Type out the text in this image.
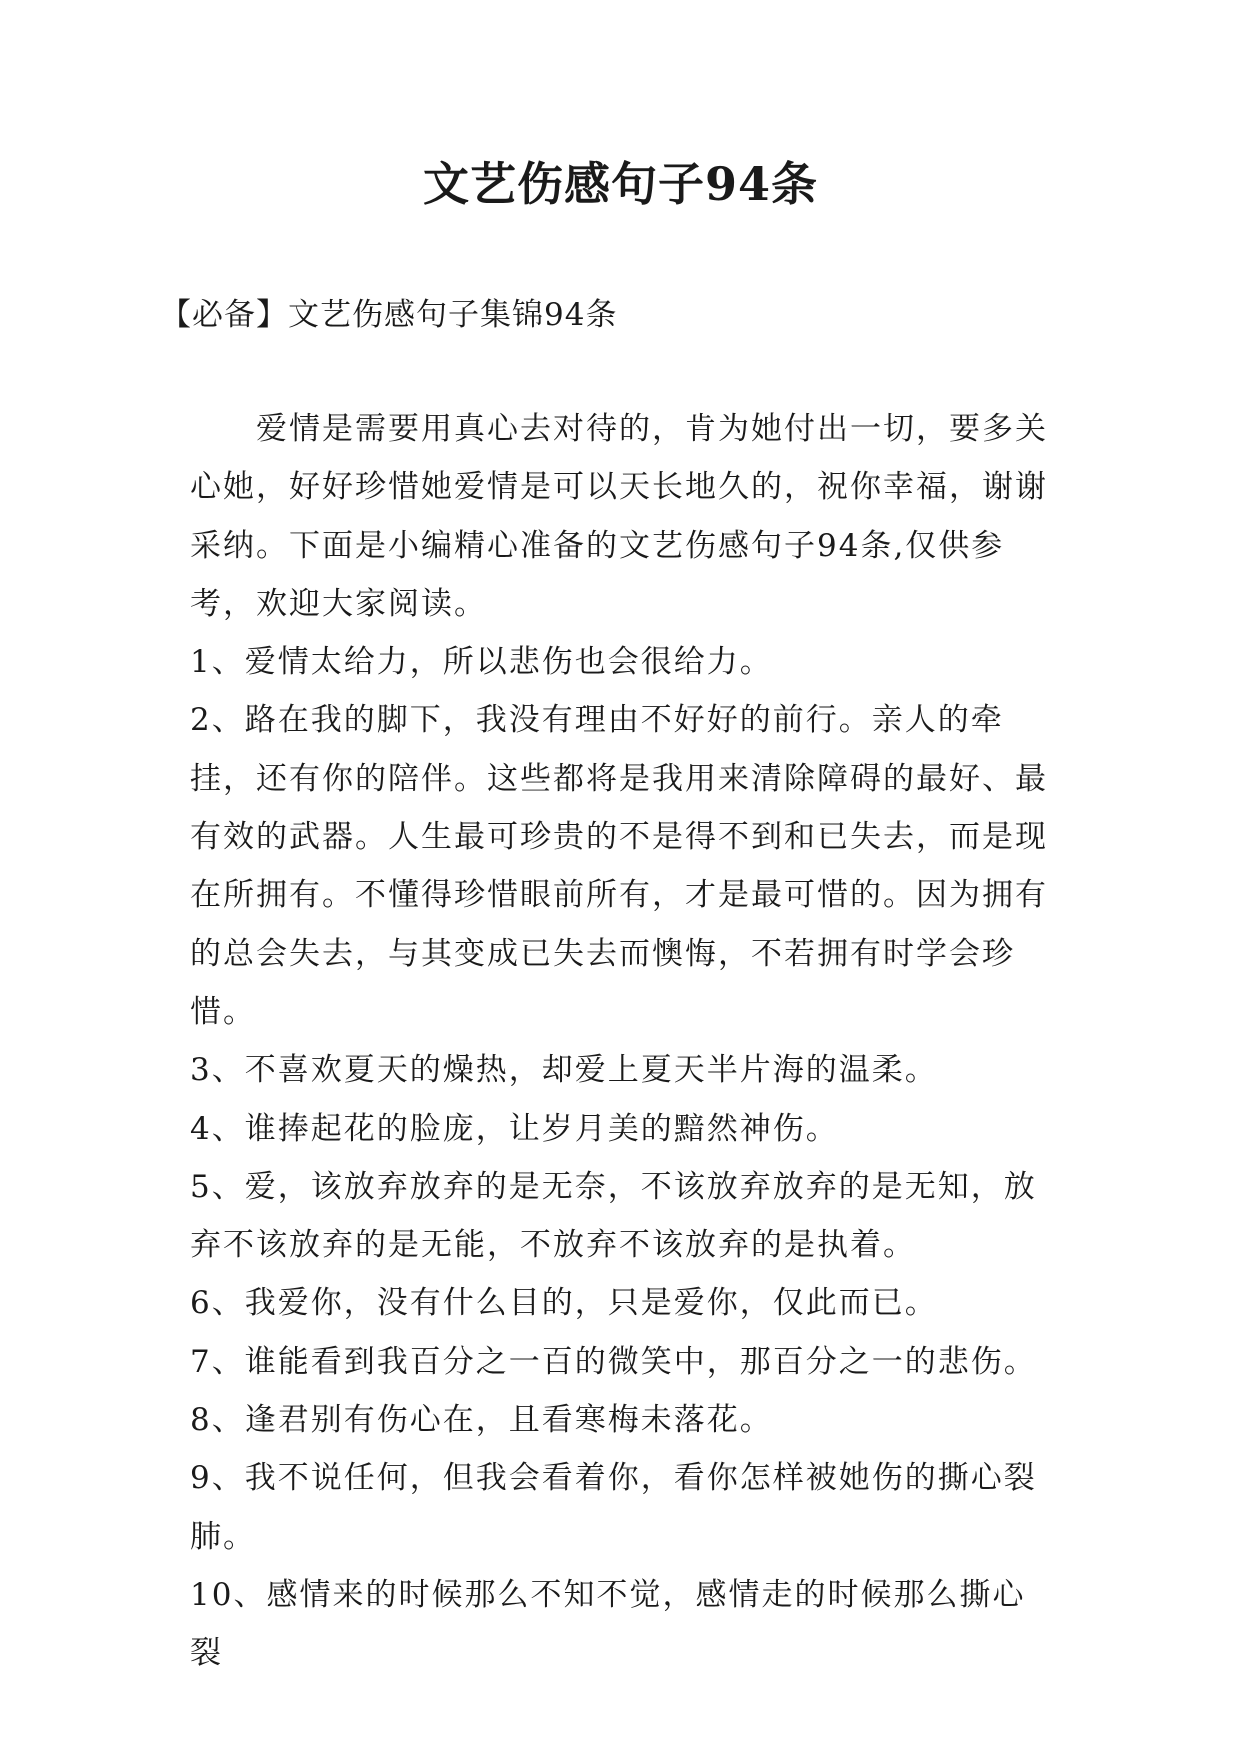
文艺伤感句子94条

【必备】文艺伤感句子集锦94条

爱情是需要用真心去对待的，肯为她付出一切，要多关心她，好好珍惜她爱情是可以天长地久的，祝你幸福，谢谢采纳。下面是小编精心准备的文艺伤感句子94条,仅供参考，欢迎大家阅读。

1、爱情太给力，所以悲伤也会很给力。

2、路在我的脚下，我没有理由不好好的前行。亲人的牵挂，还有你的陪伴。这些都将是我用来清除障碍的最好、最有效的武器。人生最可珍贵的不是得不到和已失去，而是现在所拥有。不懂得珍惜眼前所有，才是最可惜的。因为拥有的总会失去，与其变成已失去而懊悔，不若拥有时学会珍惜。

3、不喜欢夏天的燥热，却爱上夏天半片海的温柔。

4、谁捧起花的脸庞，让岁月美的黯然神伤。

5、爱，该放弃放弃的是无奈，不该放弃放弃的是无知，放弃不该放弃的是无能，不放弃不该放弃的是执着。

6、我爱你，没有什么目的，只是爱你，仅此而已。

7、谁能看到我百分之一百的微笑中，那百分之一的悲伤。

8、逢君别有伤心在，且看寒梅未落花。

9、我不说任何，但我会看着你，看你怎样被她伤的撕心裂肺。

10、感情来的时候那么不知不觉，感情走的时候那么撕心裂
